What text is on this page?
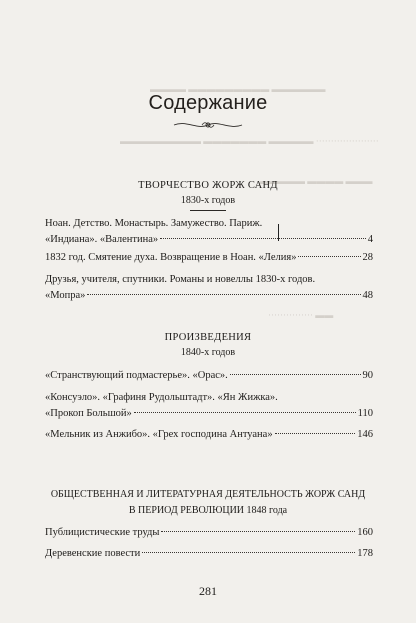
▬▬▬▬ ▬▬▬▬▬▬▬▬▬ ▬▬▬▬▬▬
▬▬▬▬▬▬▬▬▬ ▬▬▬▬▬▬▬ ▬▬▬▬▬ ·····················
▬▬▬▬▬ ▬▬▬▬ ▬▬▬
··············· ▬▬
Содержание
ТВОРЧЕСТВО ЖОРЖ САНД
1830-х годов
Ноан. Детство. Монастырь. Замужество. Париж.
«Индиана». «Валентина»	4
1832 год. Смятение духа. Возвращение в Ноан. «Лелия»	28
Друзья, учителя, спутники. Романы и новеллы 1830-х годов.
«Мопра»	48
ПРОИЗВЕДЕНИЯ
1840-х годов
«Странствующий подмастерье». «Орас».	90
«Консуэло». «Графиня Рудольштадт». «Ян Жижка».
«Прокоп Большой»	110
«Мельник из Анжибо». «Грех господина Антуана»	146
ОБЩЕСТВЕННАЯ И ЛИТЕРАТУРНАЯ ДЕЯТЕЛЬНОСТЬ ЖОРЖ САНД
В ПЕРИОД РЕВОЛЮЦИИ 1848 года
Публицистические труды	160
Деревенские повести	178
281
